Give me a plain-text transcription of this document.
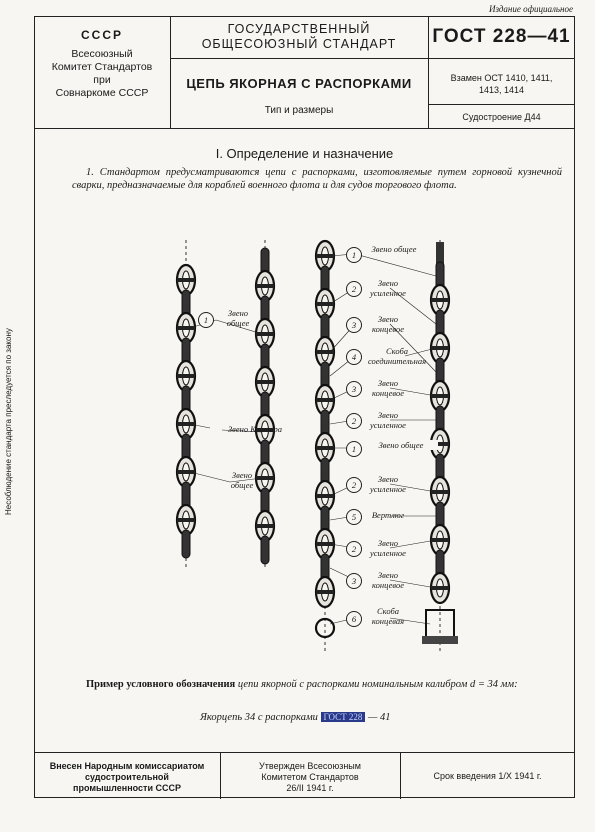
Издание официальное
Несоблюдение стандарта преследуется по закону
СССР
Всесоюзный
Комитет Стандартов
при
Совнаркоме СССР
ГОСУДАРСТВЕННЫЙ
ОБЩЕСОЮЗНЫЙ СТАНДАРТ
ЦЕПЬ ЯКОРНАЯ С РАСПОРКАМИ
Тип и размеры
ГОСТ 228—41
Взамен ОСТ 1410, 1411,
1413, 1414
Судостроение Д44
I. Определение и назначение
1. Стандартом предусматриваются цепи с распорками, изготовляемые путем горновой кузнечной сварки, предназначаемые для кораблей военного флота и для судов торгового флота.
1
Звено общее
Звено Кентера
Звено общее
1
Звено общее
2
Звено усиленное
3
Звено концевое
4
Скоба соединительная
3
Звено концевое
2
Звено усиленное
1	Звено общее
2
Звено усиленное
5	Вертлюг
2
Звено усиленное
3
Звено концевое
6
Скоба концевая
Пример условного обозначения цепи якорной с распорками номинальным калибром d = 34 мм:
Якорцепь 34 с распорками ГОСТ 228 — 41
Внесен Народным комиссариатом
судостроительной
промышленности СССР
Утвержден Всесоюзным
Комитетом Стандартов
26/II 1941 г.
Срок введения 1/X 1941 г.
